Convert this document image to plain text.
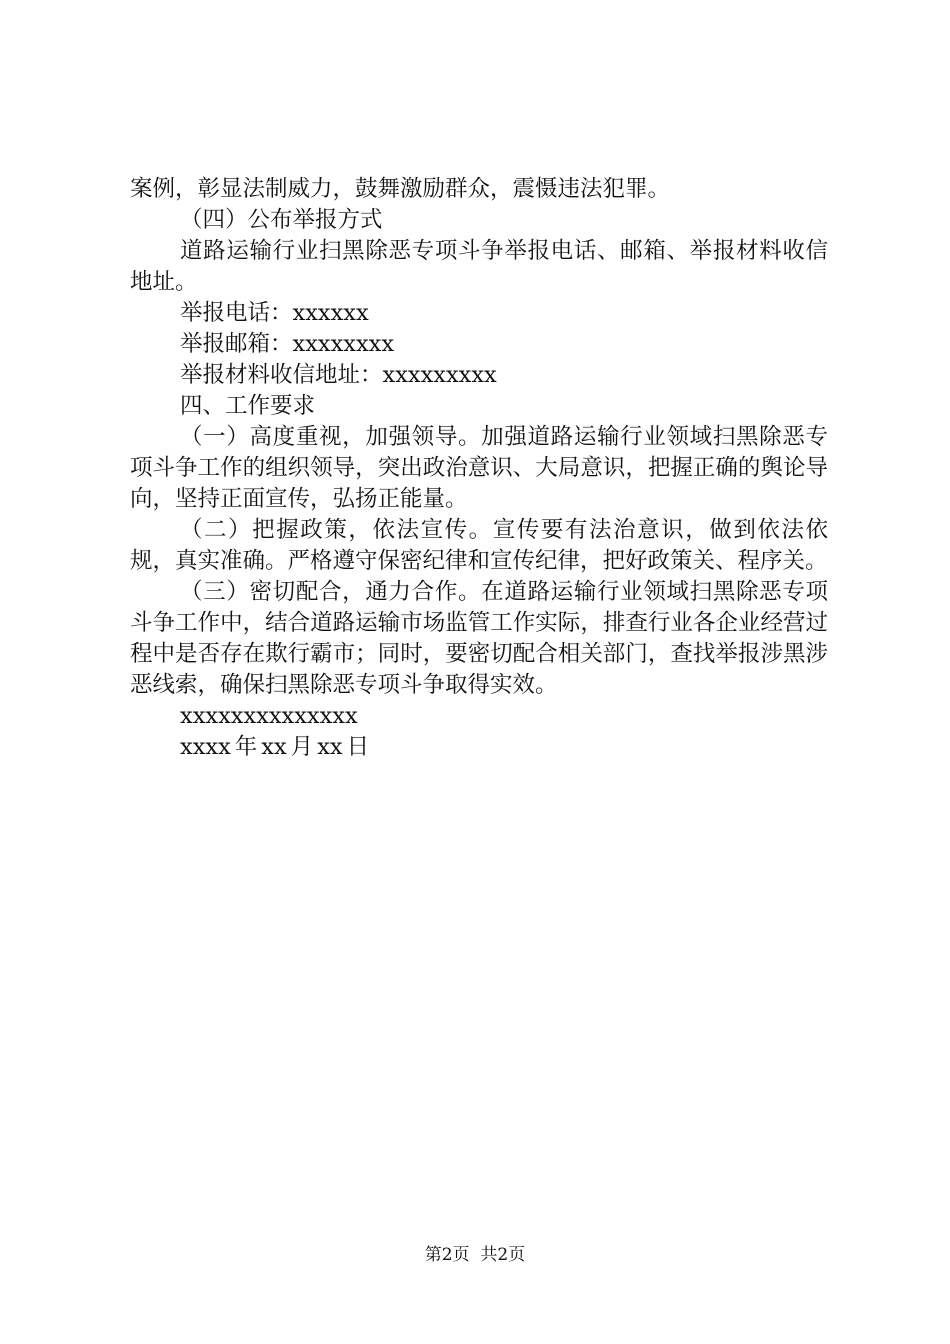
案例，彰显法制威力，鼓舞激励群众，震慑违法犯罪。

（四）公布举报方式

道路运输行业扫黑除恶专项斗争举报电话、邮箱、举报材料收信地址。

举报电话：xxxxxx

举报邮箱：xxxxxxxx

举报材料收信地址：xxxxxxxxx

四、工作要求

（一）高度重视，加强领导。加强道路运输行业领域扫黑除恶专项斗争工作的组织领导，突出政治意识、大局意识，把握正确的舆论导向，坚持正面宣传，弘扬正能量。

（二）把握政策，依法宣传。宣传要有法治意识，做到依法依规，真实准确。严格遵守保密纪律和宣传纪律，把好政策关、程序关。

（三）密切配合，通力合作。在道路运输行业领域扫黑除恶专项斗争工作中，结合道路运输市场监管工作实际，排查行业各企业经营过程中是否存在欺行霸市；同时，要密切配合相关部门，查找举报涉黑涉恶线索，确保扫黑除恶专项斗争取得实效。

xxxxxxxxxxxxxx

xxxx 年 xx 月 xx 日

第2页  共2页
